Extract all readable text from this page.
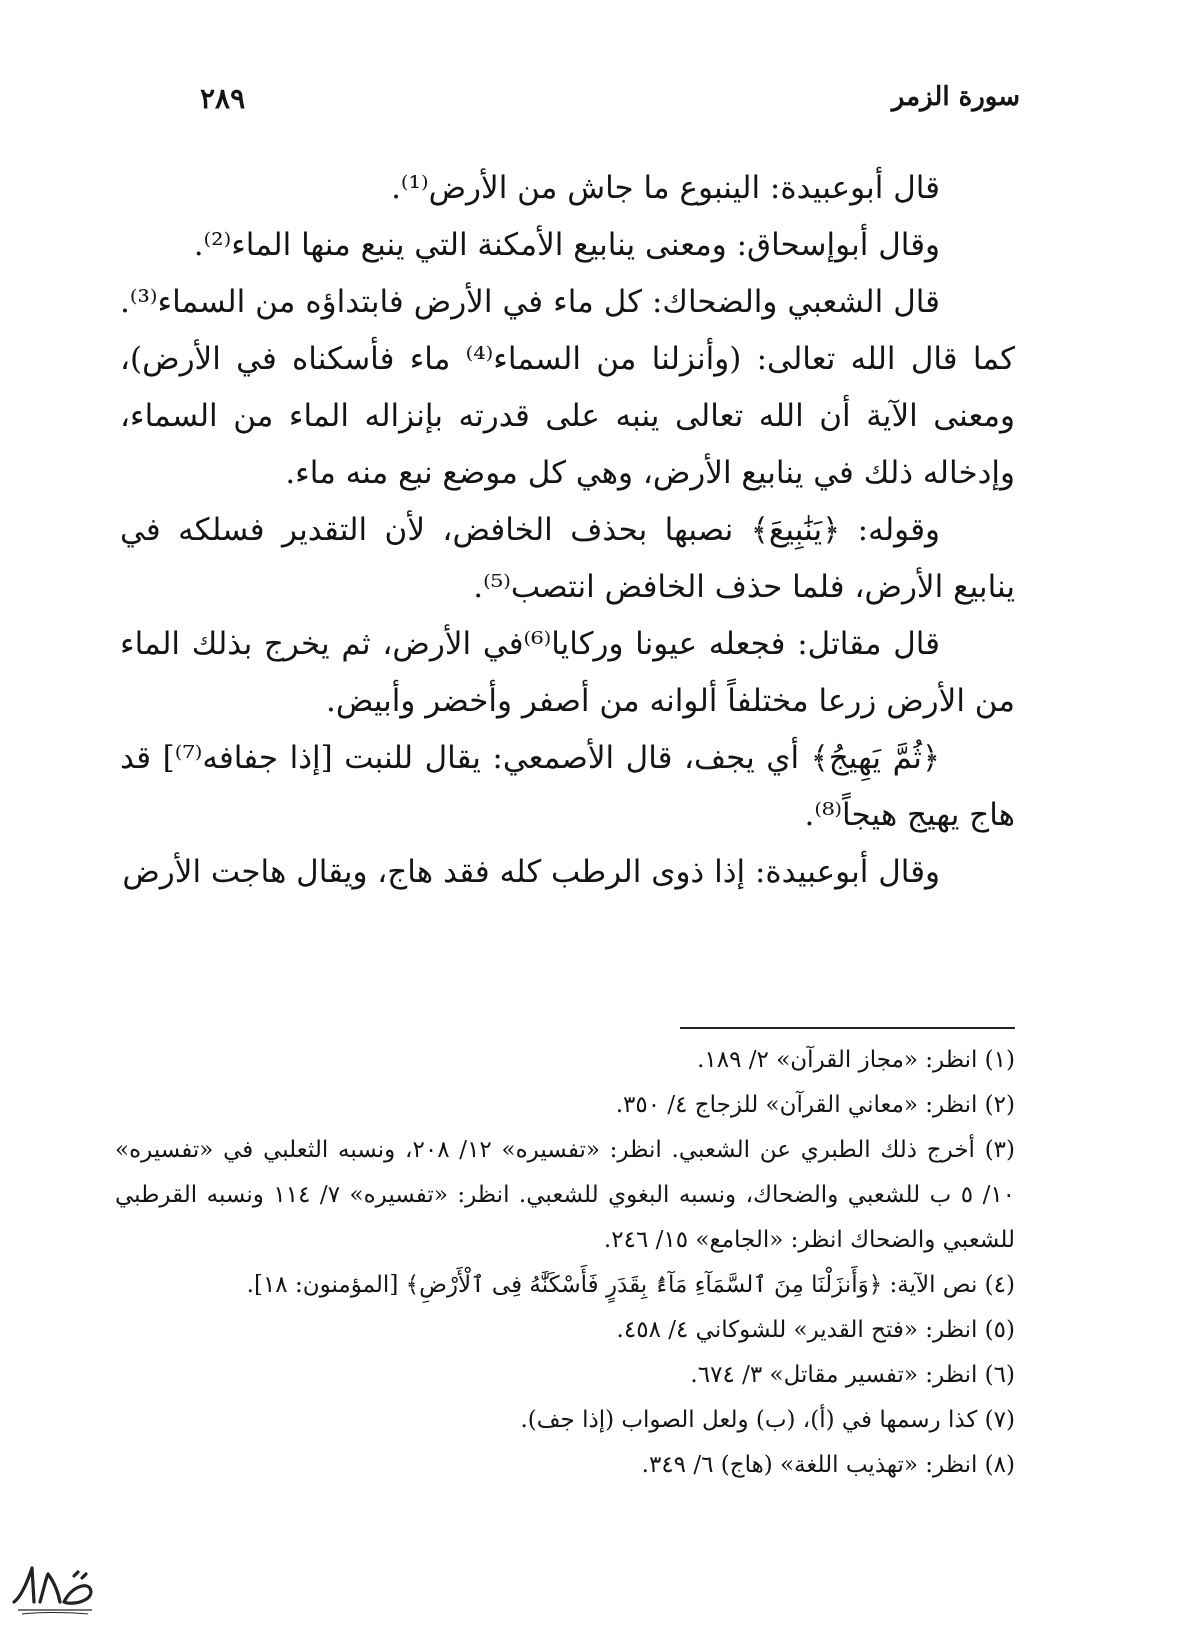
سورة الزمر
٢٨٩

قال أبوعبيدة: الينبوع ما جاش من الأرض⁽¹⁾.

وقال أبوإسحاق: ومعنى ينابيع الأمكنة التي ينبع منها الماء⁽²⁾.

قال الشعبي والضحاك: كل ماء في الأرض فابتداؤه من السماء⁽³⁾. كما قال الله تعالى: (وأنزلنا من السماء⁽⁴⁾ ماء فأسكناه في الأرض)، ومعنى الآية أن الله تعالى ينبه على قدرته بإنزاله الماء من السماء، وإدخاله ذلك في ينابيع الأرض، وهي كل موضع نبع منه ماء.

وقوله: ﴿يَنَٰبِيعَ﴾ نصبها بحذف الخافض، لأن التقدير فسلكه في ينابيع الأرض، فلما حذف الخافض انتصب⁽⁵⁾.

قال مقاتل: فجعله عيونا وركايا⁽⁶⁾في الأرض، ثم يخرج بذلك الماء من الأرض زرعا مختلفاً ألوانه من أصفر وأخضر وأبيض.

﴿ثُمَّ يَهِيجُ﴾ أي يجف، قال الأصمعي: يقال للنبت [إذا جفافه⁽⁷⁾] قد هاج يهيج هيجاً⁽⁸⁾.

وقال أبوعبيدة: إذا ذوى الرطب كله فقد هاج، ويقال هاجت الأرض

(١) انظر: «مجاز القرآن» ٢/ ١٨٩.

(٢) انظر: «معاني القرآن» للزجاج ٤/ ٣٥٠.

(٣) أخرج ذلك الطبري عن الشعبي. انظر: «تفسيره» ١٢/ ٢٠٨، ونسبه الثعلبي في «تفسيره» ١٠/ ٥ ب للشعبي والضحاك، ونسبه البغوي للشعبي. انظر: «تفسيره» ٧/ ١١٤ ونسبه القرطبي للشعبي والضحاك انظر: «الجامع» ١٥/ ٢٤٦.

(٤) نص الآية: ﴿وَأَنزَلْنَا مِنَ ٱلسَّمَآءِ مَآءًۢ بِقَدَرٍ فَأَسْكَنَّٰهُ فِى ٱلْأَرْضِ﴾ [المؤمنون: ١٨].

(٥) انظر: «فتح القدير» للشوكاني ٤/ ٤٥٨.

(٦) انظر: «تفسير مقاتل» ٣/ ٦٧٤.

(٧) كذا رسمها في (أ)، (ب) ولعل الصواب (إذا جف).

(٨) انظر: «تهذيب اللغة» (هاج) ٦/ ٣٤٩.
